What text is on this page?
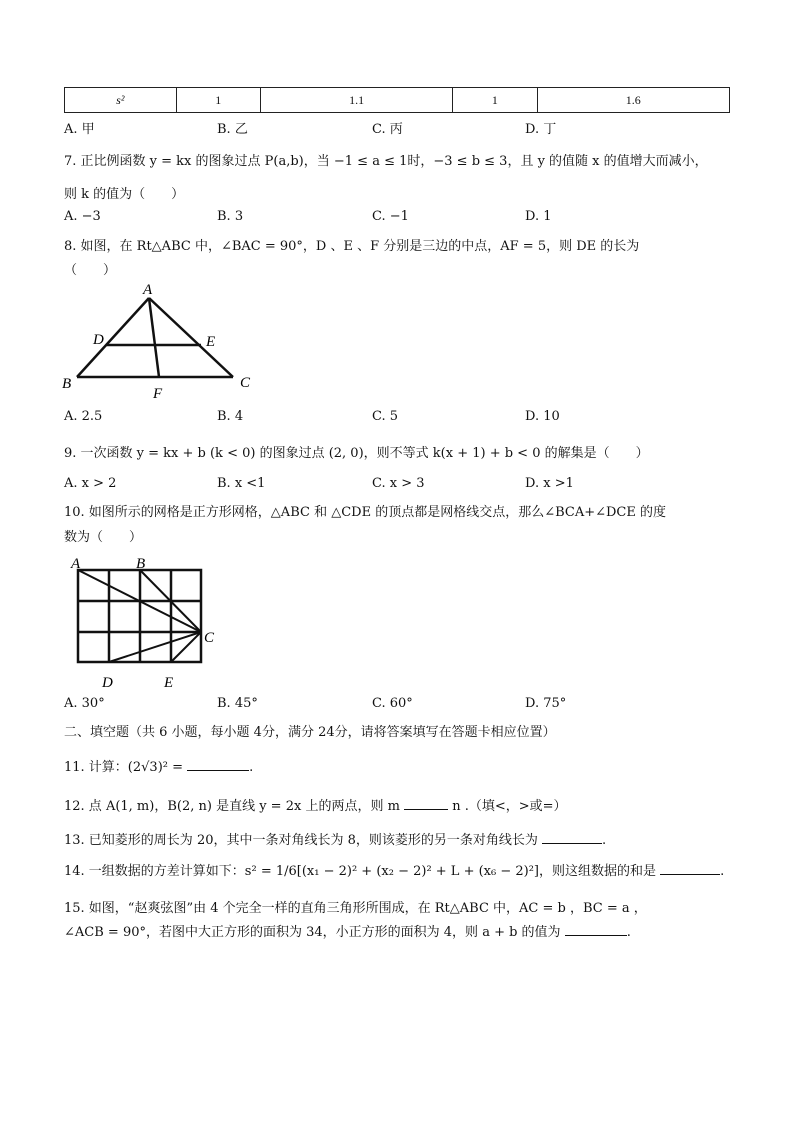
s²	1	1.1	1	1.6
A. 甲	B. 乙	C. 丙	D. 丁
7. 正比例函数 y = kx 的图象过点 P(a,b)，当 −1 ≤ a ≤ 1时，−3 ≤ b ≤ 3，且 y 的值随 x 的值增大而减小，
则 k 的值为（　　）
A. −3	B. 3	C. −1	D. 1
8. 如图，在 Rt△ABC 中，∠BAC = 90°，D 、E 、F 分别是三边的中点，AF = 5，则 DE 的长为
（　　）
A
B	C
D	E
F
A. 2.5	B. 4	C. 5	D. 10
9. 一次函数 y = kx + b (k < 0) 的图象过点 (2, 0)，则不等式 k(x + 1) + b < 0 的解集是（　　）
A. x > 2	B. x <1	C. x > 3	D. x >1
10. 如图所示的网格是正方形网格，△ABC 和 △CDE 的顶点都是网格线交点，那么∠BCA+∠DCE 的度
数为（　　）
A	B
C
D	E
A. 30°	B. 45°	C. 60°	D. 75°
二、填空题（共 6 小题，每小题 4分，满分 24分，请将答案填写在答题卡相应位置）
11. 计算：(2√3)² =	.
12. 点 A(1, m)，B(2, n) 是直线 y = 2x 上的两点，则 m	n .（填<，>或=）
13. 已知菱形的周长为 20，其中一条对角线长为 8，则该菱形的另一条对角线长为	.
14. 一组数据的方差计算如下：s² = 1/6[(x₁ − 2)² + (x₂ − 2)² + L + (x₆ − 2)²]，则这组数据的和是	.
15. 如图，“赵爽弦图”由 4 个完全一样的直角三角形所围成，在 Rt△ABC 中，AC = b ，BC = a ，
∠ACB = 90°，若图中大正方形的面积为 34，小正方形的面积为 4，则 a + b 的值为	.
